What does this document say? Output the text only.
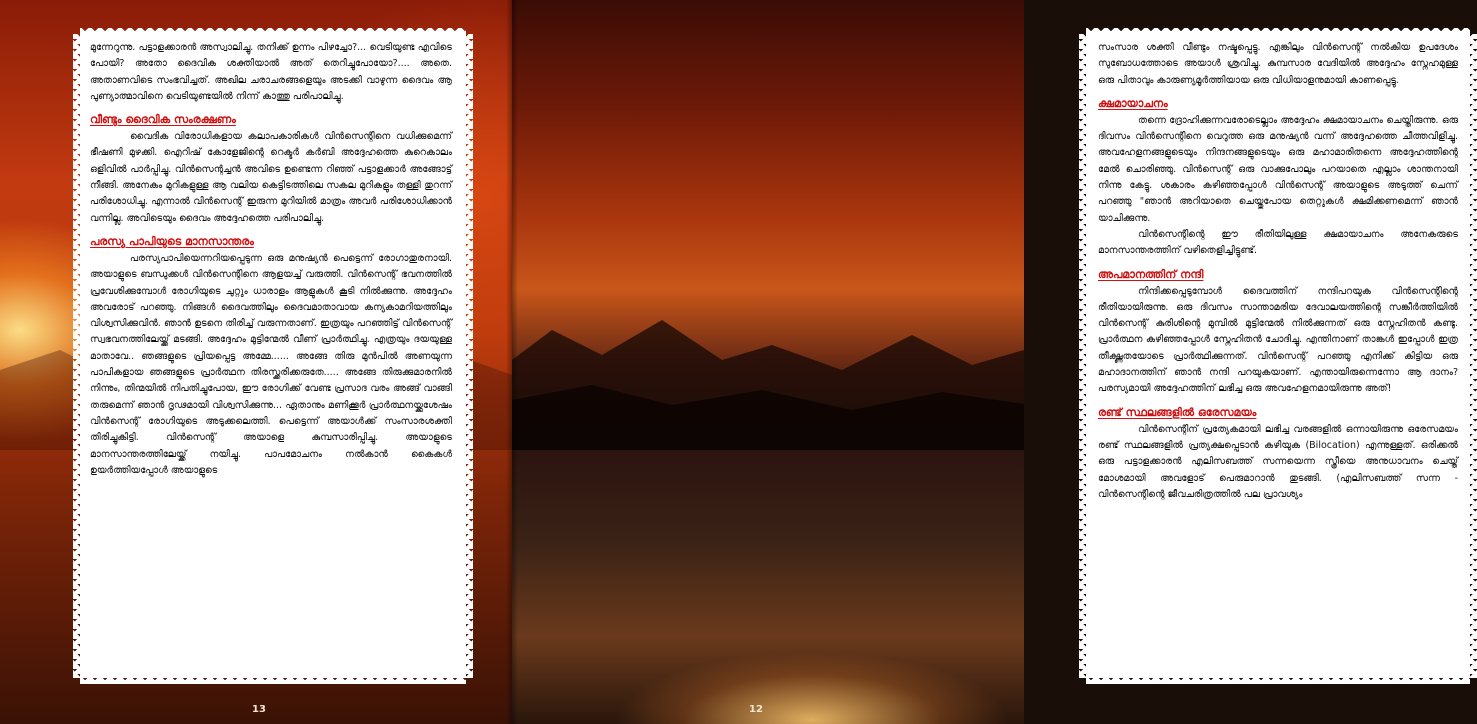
മുന്നേറുന്നു. പട്ടാളക്കാരൻ അസ്വാലിച്ചു. തനിക്ക് ഉന്നം പിഴച്ചോ?... വെടിയുണ്ട എവിടെ പോയി? അതോ ദൈവിക ശക്തിയാൽ അത് തെറിച്ചുപോയോ?.... അതെ. അതാണവിടെ സംഭവിച്ചത്. അഖില ചരാചരങ്ങളെയും അടക്കി വാഴുന്ന ദൈവം ആ പുണ്യാത്മാവിനെ വെടിയുണ്ടയിൽ നിന്ന് കാത്തു പരിപാലിച്ചു.

വീണ്ടും ദൈവിക സംരക്ഷണം

വൈദിക വിരോധികളായ കലാപകാരികൾ വിൻസെന്റിനെ വധിക്കുമെന്ന് ഭീഷണി മുഴക്കി. ഐറിഷ് കോളേജിന്റെ റെക്ടർ കർബി അദ്ദേഹത്തെ കുറെകാലം ഒളിവിൽ പാർപ്പിച്ചു. വിൻസെന്റച്ചൻ അവിടെ ഉണ്ടെന്ന റിഞ്ഞ് പട്ടാളക്കാർ അങ്ങോട്ട് നീങ്ങി. അനേകം മുറികളുള്ള ആ വലിയ കെട്ടിടത്തിലെ സകല മുറികളും തള്ളി തുറന്ന് പരിശോധിച്ചു. എന്നാൽ വിൻസെന്റ് ഇരുന്ന മുറിയിൽ മാത്രം അവർ പരിശോധിക്കാൻ വന്നില്ല. അവിടെയും ദൈവം അദ്ദേഹത്തെ പരിപാലിച്ചു.

പരസ്യ പാപിയുടെ മാനസാന്തരം

പരസ്യപാപിയെന്നറിയപ്പെടുന്ന ഒരു മനുഷ്യൻ പെട്ടെന്ന് രോഗാതുരനായി. അയാളുടെ ബന്ധുക്കൾ വിൻസെന്റിനെ ആളയച്ച് വരുത്തി. വിൻസെന്റ് ഭവനത്തിൽ പ്രവേശിക്കുമ്പോൾ രോഗിയുടെ ചുറ്റും ധാരാളം ആളുകൾ കൂടി നിൽക്കുന്നു. അദ്ദേഹം അവരോട് പറഞ്ഞു. നിങ്ങൾ ദൈവത്തിലും ദൈവമാതാവായ കന്യകാമറിയത്തിലും വിശ്വസിക്കുവിൻ. ഞാൻ ഉടനെ തിരിച്ച് വരുന്നതാണ്. ഇത്രയും പറഞ്ഞിട്ട് വിൻസെന്റ് സ്വഭവനത്തിലേയ്ക്ക് മടങ്ങി. അദ്ദേഹം മുട്ടിന്മേൽ വീണ് പ്രാർത്ഥിച്ചു. എത്രയും ദയയുള്ള മാതാവേ.. ഞങ്ങളുടെ പ്രിയപ്പെട്ട അമ്മേ...... അങ്ങേ തിരു മുൻപിൽ അണയുന്ന പാപികളായ ഞങ്ങളുടെ പ്രാർത്ഥന തിരസ്ക്കരിക്കരുതേ..... അങ്ങേ തിരുക്കുമാരനിൽ നിന്നും, തിന്മയിൽ നിപതിച്ചുപോയ, ഈ രോഗിക്ക് വേണ്ട പ്രസാദ വരം അങ്ങ് വാങ്ങി തരുമെന്ന് ഞാൻ ദൃഢമായി വിശ്വസിക്കുന്നു... ഏതാനും മണിക്കൂർ പ്രാർത്ഥനയ്ക്കുശേഷം വിൻസെന്റ് രോഗിയുടെ അടുക്കലെത്തി. പെട്ടെന്ന് അയാൾക്ക് സംസാരശക്തി തിരിച്ചുകിട്ടി. വിൻസെന്റ് അയാളെ കുമ്പസാരിപ്പിച്ചു. അയാളുടെ മാനസാന്തരത്തിലേയ്ക്ക് നയിച്ചു. പാപമോചനം നൽകാൻ കൈകൾ ഉയർത്തിയപ്പോൾ അയാളുടെ

13

സംസാര ശക്തി വീണ്ടും നഷ്ടപ്പെട്ടു. എങ്കിലും വിൻസെന്റ് നൽകിയ ഉപദേശം സുബോധത്തോടെ അയാൾ ശ്രവിച്ചു. കുമ്പസാര വേദിയിൽ അദ്ദേഹം സ്നേഹമുള്ള ഒരു പിതാവും കാരുണ്യമൂർത്തിയായ ഒരു വിധിയാളനുമായി കാണപ്പെട്ടു.

ക്ഷമായാചനം

തന്നെ ദ്രോഹിക്കുന്നവരോടെല്ലാം അദ്ദേഹം ക്ഷമായാചനം ചെയ്തിരുന്നു. ഒരു ദിവസം വിൻസെന്റിനെ വെറുത്ത ഒരു മനുഷ്യൻ വന്ന് അദ്ദേഹത്തെ ചീത്തവിളിച്ചു. അവഹേളനങ്ങളുടെയും നിന്ദനങ്ങളുടെയും ഒരു മഹാമാരിതന്നെ അദ്ദേഹത്തിന്റെ മേൽ ചൊരിഞ്ഞു. വിൻസെന്റ് ഒരു വാക്കുപോലും പറയാതെ എല്ലാം ശാന്തനായി നിന്നു കേട്ടു. ശകാരം കഴിഞ്ഞപ്പോൾ വിൻസെന്റ് അയാളുടെ അടുത്ത് ചെന്ന് പറഞ്ഞു "ഞാൻ അറിയാതെ ചെയ്തുപോയ തെറ്റുകൾ ക്ഷമിക്കണമെന്ന് ഞാൻ യാചിക്കുന്നു.

വിൻസെന്റിന്റെ ഈ രീതിയിലുള്ള ക്ഷമായാചനം അനേകരുടെ മാനസാന്തരത്തിന് വഴിതെളിച്ചിട്ടുണ്ട്.

അപമാനത്തിന് നന്ദി

നിന്ദിക്കപ്പെടുമ്പോൾ ദൈവത്തിന് നന്ദിപറയുക വിൻസെന്റിന്റെ രീതിയായിരുന്നു. ഒരു ദിവസം സാന്താമരിയ ദേവാലയത്തിന്റെ സങ്കീർത്തിയിൽ വിൻസെന്റ് കുരിശിന്റെ മുമ്പിൽ മുട്ടിന്മേൽ നിൽക്കുന്നത് ഒരു സ്നേഹിതൻ കണ്ടു. പ്രാർത്ഥന കഴിഞ്ഞപ്പോൾ സ്നേഹിതൻ ചോദിച്ചു. എന്തിനാണ് താങ്കൾ ഇപ്പോൾ ഇത്ര തീക്ഷ്ണതയോടെ പ്രാർത്ഥിക്കുന്നത്. വിൻസെന്റ് പറഞ്ഞു എനിക്ക് കിട്ടിയ ഒരു മഹാദാനത്തിന് ഞാൻ നന്ദി പറയുകയാണ്. എന്തായിരുന്നെന്നോ ആ ദാനം? പരസ്യമായി അദ്ദേഹത്തിന് ലഭിച്ച ഒരു അവഹേളനമായിരുന്നു അത്!

രണ്ട് സ്ഥലങ്ങളിൽ ഒരേസമയം

വിൻസെന്റിന് പ്രത്യേകമായി ലഭിച്ച വരങ്ങളിൽ ഒന്നായിരുന്നു ഒരേസമയം രണ്ട് സ്ഥലങ്ങളിൽ പ്രത്യക്ഷപ്പെടാൻ കഴിയുക (Bilocation) എന്നുള്ളത്. ഒരിക്കൽ ഒരു പട്ടാളക്കാരൻ എലിസബത്ത് സന്നയെന്ന സ്ത്രീയെ അനുധാവനം ചെയ്ത് മോശമായി അവളോട് പെരുമാറാൻ തുടങ്ങി. (എലിസബത്ത് സന്ന - വിൻസെന്റിന്റെ ജീവചരിത്രത്തിൽ പല പ്രാവശ്യം

12
